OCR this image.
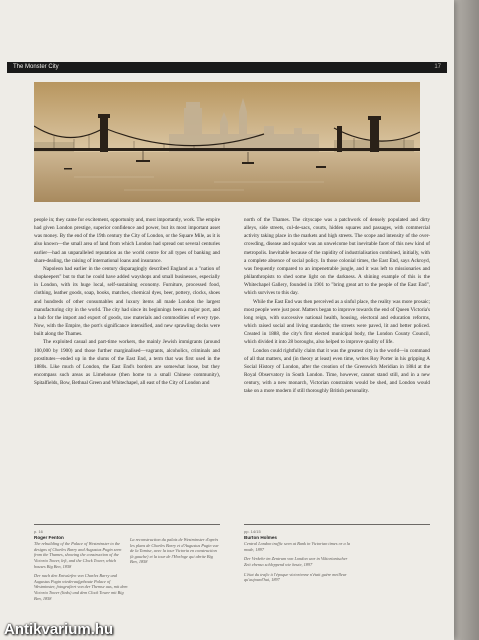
The Monster City	17

people in; they came for excitement, opportunity and, most importantly, work. The empire had given London prestige, superior confidence and power, but its most important asset was money. By the end of the 19th century the City of London, or the Square Mile, as it is also known—the small area of land from which London had spread out several centuries earlier—had an unparalleled reputation as the world centre for all types of banking and share-dealing, the raising of international loans and insurance.

Napoleon had earlier in the century disparagingly described England as a "nation of shopkeepers" but to that he could have added wayshops and small businesses, especially in London, with its huge local, self-sustaining economy. Furniture, processed food, clothing, leather goods, soap, books, matches, chemical dyes, beer, pottery, clocks, shoes and hundreds of other consumables and luxury items all made London the largest manufacturing city in the world. The city had since its beginnings been a major port, and a hub for the import and export of goods, raw materials and commodities of every type. Now, with the Empire, the port's significance intensified, and new sprawling docks were built along the Thames.

The exploited casual and part-time workers, the mainly Jewish immigrants (around 100,000 by 1900) and those further marginalised—vagrants, alcoholics, criminals and prostitutes—ended up in the slums of the East End, a term that was first used in the 1880s. Like much of London, the East End's borders are somewhat loose, but they encompass such areas as Limehouse (then home to a small Chinese community), Spitalfields, Bow, Bethnal Green and Whitechapel, all east of the City of London and

north of the Thames. The cityscape was a patchwork of densely populated and dirty alleys, side streets, cul-de-sacs, courts, hidden squares and passages, with commercial activity taking place in the markets and high streets. The scope and intensity of the over-crowding, disease and squalor was an unwelcome but inevitable facet of this new kind of metropolis. Inevitable because of the rapidity of industrialisation combined, initially, with a complete absence of social policy. In those colonial times, the East End, says Ackroyd, was frequently compared to an impenetrable jungle, and it was left to missionaries and philanthropists to shed some light on the darkness. A shining example of this is the Whitechapel Gallery, founded in 1901 to "bring great art to the people of the East End", which survives to this day.

While the East End was then perceived as a sinful place, the reality was more prosaic; most people were just poor. Matters began to improve towards the end of Queen Victoria's long reign, with successive national health, housing, electoral and education reforms, which raised social and living standards; the streets were paved, lit and better policed. Created in 1888, the city's first elected municipal body, the London County Council, which divided it into 28 boroughs, also helped to improve quality of life.

London could rightfully claim that it was the greatest city in the world—in command of all that matters, and (in theory at least) even time, writes Roy Porter in his gripping A Social History of London, after the creation of the Greenwich Meridian in 1884 at the Royal Observatory in South London. Time, however, cannot stand still, and in a new century, with a new monarch, Victorian constraints would be shed, and London would take on a more modern if still thoroughly British personality.

p. 16
Roger Fenton
The rebuilding of the Palace of Westminster to the designs of Charles Barry and Augustus Pugin seen from the Thames, showing the construction of the Victoria Tower, left, and the Clock Tower, which houses Big Ben, 1858
Der nach den Entwürfen von Charles Barry und Augustus Pugin wiederaufgebaute Palace of Westminster, fotografiert von der Themse aus, mit dem Victoria Tower (links) und dem Clock Tower mit Big Ben, 1858
La reconstruction du palais de Westminster d'après les plans de Charles Barry et d'Augustus Pugin vue de la Tamise, avec la tour Victoria en construction (à gauche) et la tour de l'Horloge qui abrite Big Ben, 1858
pp. 14/15
Burton Holmes
Central London traffic seen at Bank in Victorian times or a la mode, 1897
Der Verkehr im Zentrum von London war in Viktorianischer Zeit ebenso schleppend wie heute, 1897
L'état du trafic à l'époque victorienne n'était guère meilleur qu'aujourd'hui, 1897
Antikvarium.hu
